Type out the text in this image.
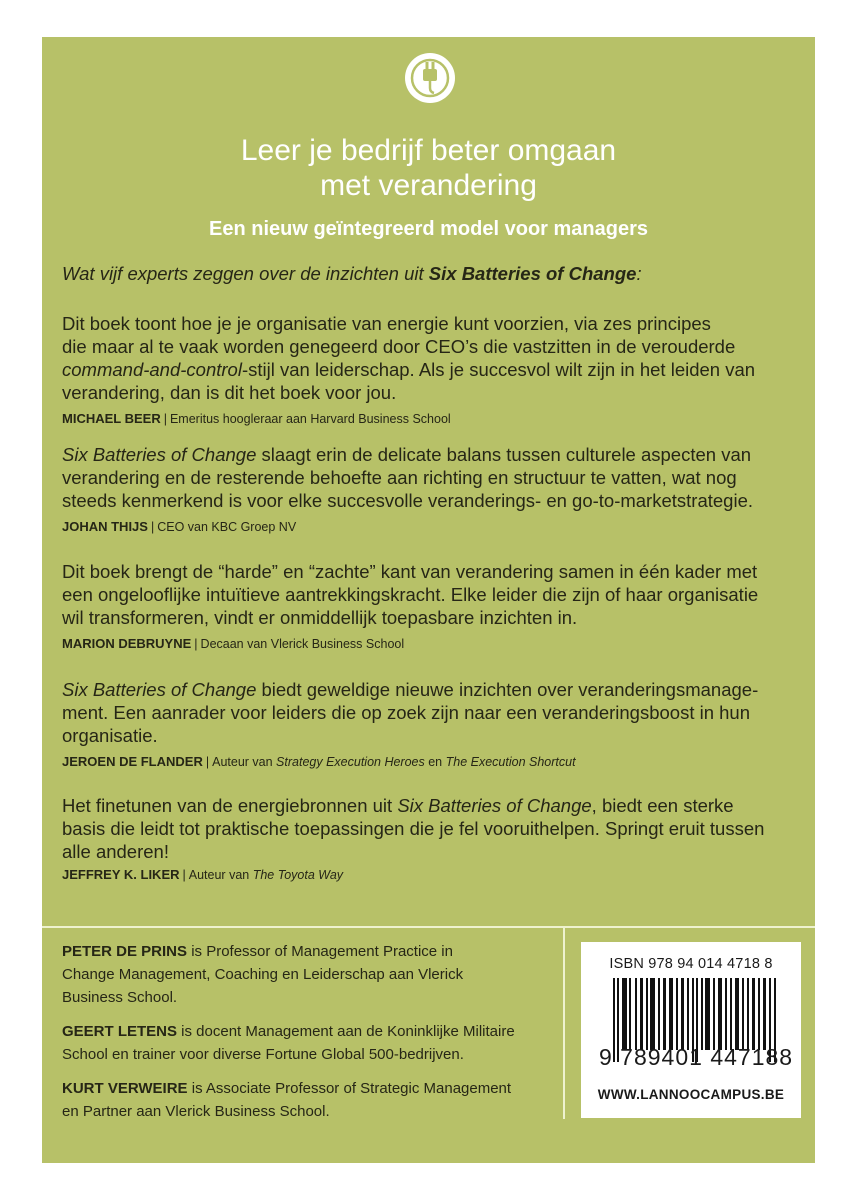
Leer je bedrijf beter omgaan
met verandering
Een nieuw geïntegreerd model voor managers
Wat vijf experts zeggen over de inzichten uit Six Batteries of Change:

Dit boek toont hoe je je organisatie van energie kunt voorzien, via zes principes

die maar al te vaak worden genegeerd door CEO’s die vastzitten in de verouderde

command-and-control-stijl van leiderschap. Als je succesvol wilt zijn in het leiden van

verandering, dan is dit het boek voor jou.

MICHAEL BEER | Emeritus hoogleraar aan Harvard Business School

Six Batteries of Change slaagt erin de delicate balans tussen culturele aspecten van

verandering en de resterende behoefte aan richting en structuur te vatten, wat nog

steeds kenmerkend is voor elke succesvolle veranderings- en go-to-marketstrategie.

JOHAN THIJS | CEO van KBC Groep NV

Dit boek brengt de “harde” en “zachte” kant van verandering samen in één kader met

een ongelooflijke intuïtieve aantrekkingskracht. Elke leider die zijn of haar organisatie

wil transformeren, vindt er onmiddellijk toepasbare inzichten in.

MARION DEBRUYNE | Decaan van Vlerick Business School

Six Batteries of Change biedt geweldige nieuwe inzichten over veranderingsmanage-

ment. Een aanrader voor leiders die op zoek zijn naar een veranderingsboost in hun

organisatie.

JEROEN DE FLANDER | Auteur van Strategy Execution Heroes en The Execution Shortcut

Het finetunen van de energiebronnen uit Six Batteries of Change, biedt een sterke

basis die leidt tot praktische toepassingen die je fel vooruithelpen. Springt eruit tussen

alle anderen!

JEFFREY K. LIKER | Auteur van The Toyota Way

PETER DE PRINS is Professor of Management Practice in
Change Management, Coaching en Leiderschap aan Vlerick
Business School.

GEERT LETENS is docent Management aan de Koninklijke Militaire
School en trainer voor diverse Fortune Global 500-bedrijven.

KURT VERWEIRE is Associate Professor of Strategic Management
en Partner aan Vlerick Business School.

ISBN 978 94 014 4718 8
9 789401 447188
WWW.LANNOOCAMPUS.BE
